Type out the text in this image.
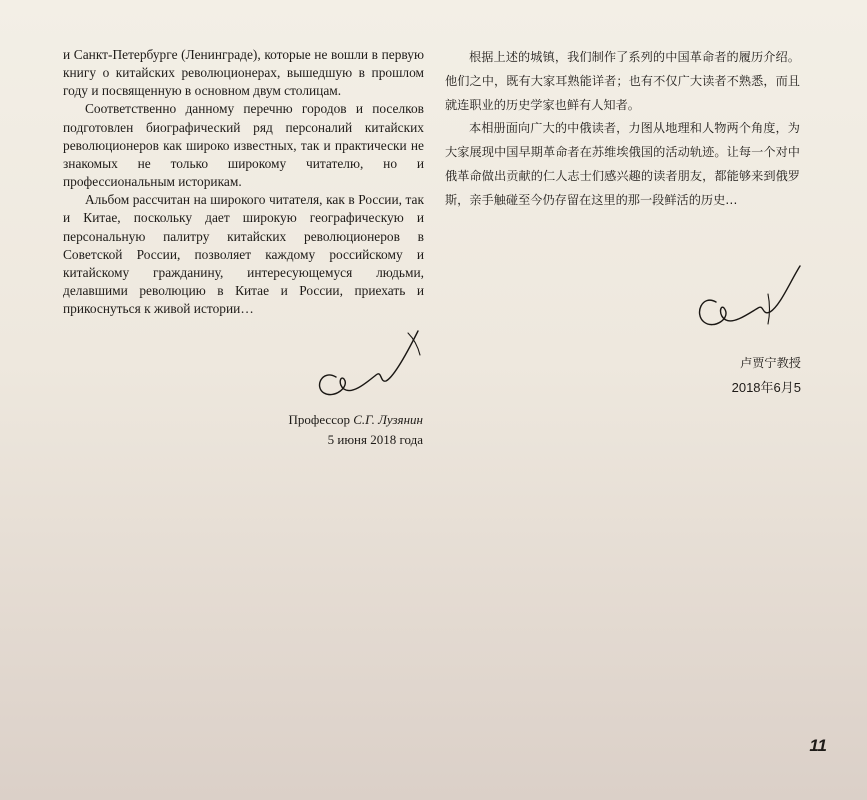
и Санкт-Петербурге (Ленинграде), которые не вошли в первую книгу о китайских революционерах, вышедшую в прошлом году и посвященную в основном двум столицам.

Соответственно данному перечню городов и поселков подготовлен биографический ряд персоналий китайских революционеров как широко известных, так и практически не знакомых не только широкому читателю, но и профессиональным историкам.

Альбом рассчитан на широкого читателя, как в России, так и Китае, поскольку дает широкую географическую и персональную палитру китайских революционеров в Советской России, позволяет каждому российскому и китайскому гражданину, интересующемуся людьми, делавшими революцию в Китае и России, приехать и прикоснуться к живой истории…

根据上述的城镇，我们制作了系列的中国革命者的履历介绍。他们之中，既有大家耳熟能详者；也有不仅广大读者不熟悉，而且就连职业的历史学家也鲜有人知者。

本相册面向广大的中俄读者，力图从地理和人物两个角度，为大家展现中国早期革命者在苏维埃俄国的活动轨迹。让每一个对中俄革命做出贡献的仁人志士们感兴趣的读者朋友，都能够来到俄罗斯，亲手触碰至今仍存留在这里的那一段鲜活的历史…

Профессор С.Г. Лузянин
5 июня 2018 года
卢贾宁教授
2018年6月5
11
